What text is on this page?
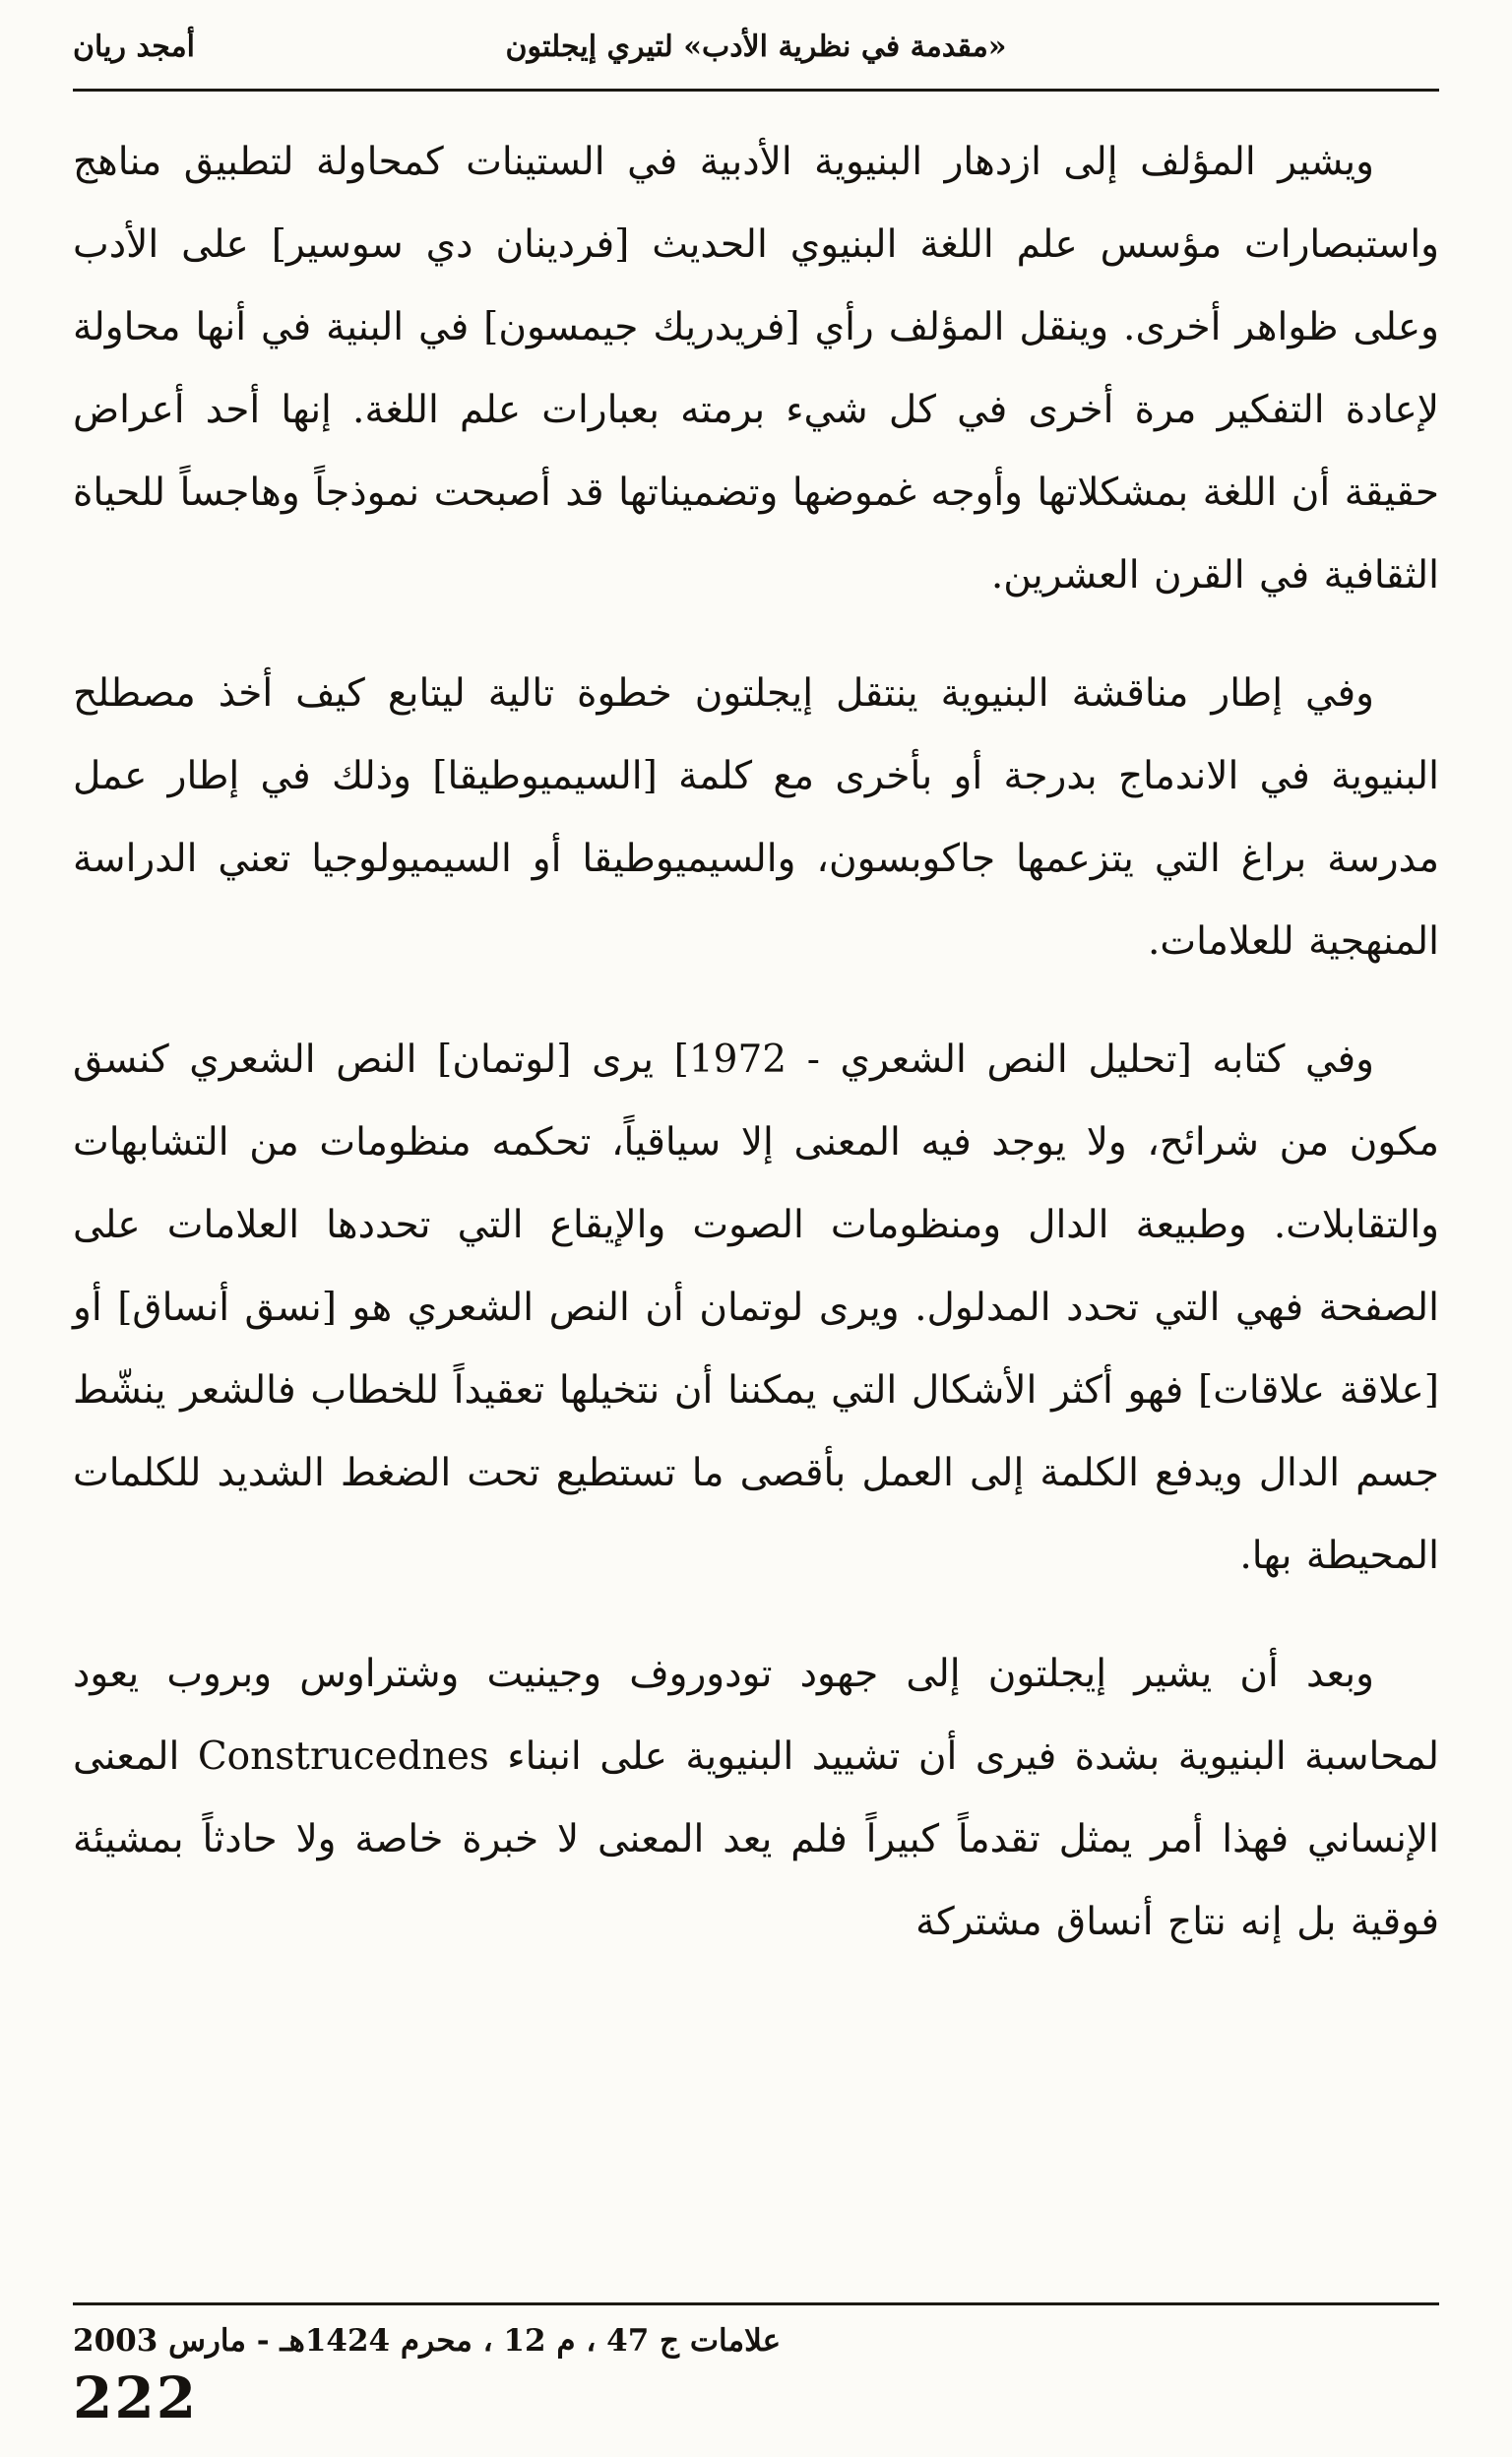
«مقدمة في نظرية الأدب» لتيري إيجلتون
أمجد ريان

ويشير المؤلف إلى ازدهار البنيوية الأدبية في الستينات كمحاولة لتطبيق مناهج واستبصارات مؤسس علم اللغة البنيوي الحديث [فردينان دي سوسير] على الأدب وعلى ظواهر أخرى. وينقل المؤلف رأي [فريدريك جيمسون] في البنية في أنها محاولة لإعادة التفكير مرة أخرى في كل شيء برمته بعبارات علم اللغة. إنها أحد أعراض حقيقة أن اللغة بمشكلاتها وأوجه غموضها وتضميناتها قد أصبحت نموذجاً وهاجساً للحياة الثقافية في القرن العشرين.

وفي إطار مناقشة البنيوية ينتقل إيجلتون خطوة تالية ليتابع كيف أخذ مصطلح البنيوية في الاندماج بدرجة أو بأخرى مع كلمة [السيميوطيقا] وذلك في إطار عمل مدرسة براغ التي يتزعمها جاكوبسون، والسيميوطيقا أو السيميولوجيا تعني الدراسة المنهجية للعلامات.

وفي كتابه [تحليل النص الشعري - 1972] يرى [لوتمان] النص الشعري كنسق مكون من شرائح، ولا يوجد فيه المعنى إلا سياقياً، تحكمه منظومات من التشابهات والتقابلات. وطبيعة الدال ومنظومات الصوت والإيقاع التي تحددها العلامات على الصفحة فهي التي تحدد المدلول. ويرى لوتمان أن النص الشعري هو [نسق أنساق] أو [علاقة علاقات] فهو أكثر الأشكال التي يمكننا أن نتخيلها تعقيداً للخطاب فالشعر ينشّط جسم الدال ويدفع الكلمة إلى العمل بأقصى ما تستطيع تحت الضغط الشديد للكلمات المحيطة بها.

وبعد أن يشير إيجلتون إلى جهود تودوروف وجينيت وشتراوس وبروب يعود لمحاسبة البنيوية بشدة فيرى أن تشييد البنيوية على انبناء Construcednes المعنى الإنساني فهذا أمر يمثل تقدماً كبيراً فلم يعد المعنى لا خبرة خاصة ولا حادثاً بمشيئة فوقية بل إنه نتاج أنساق مشتركة

علامات ج 47 ، م 12 ، محرم 1424هـ - مارس 2003
222
